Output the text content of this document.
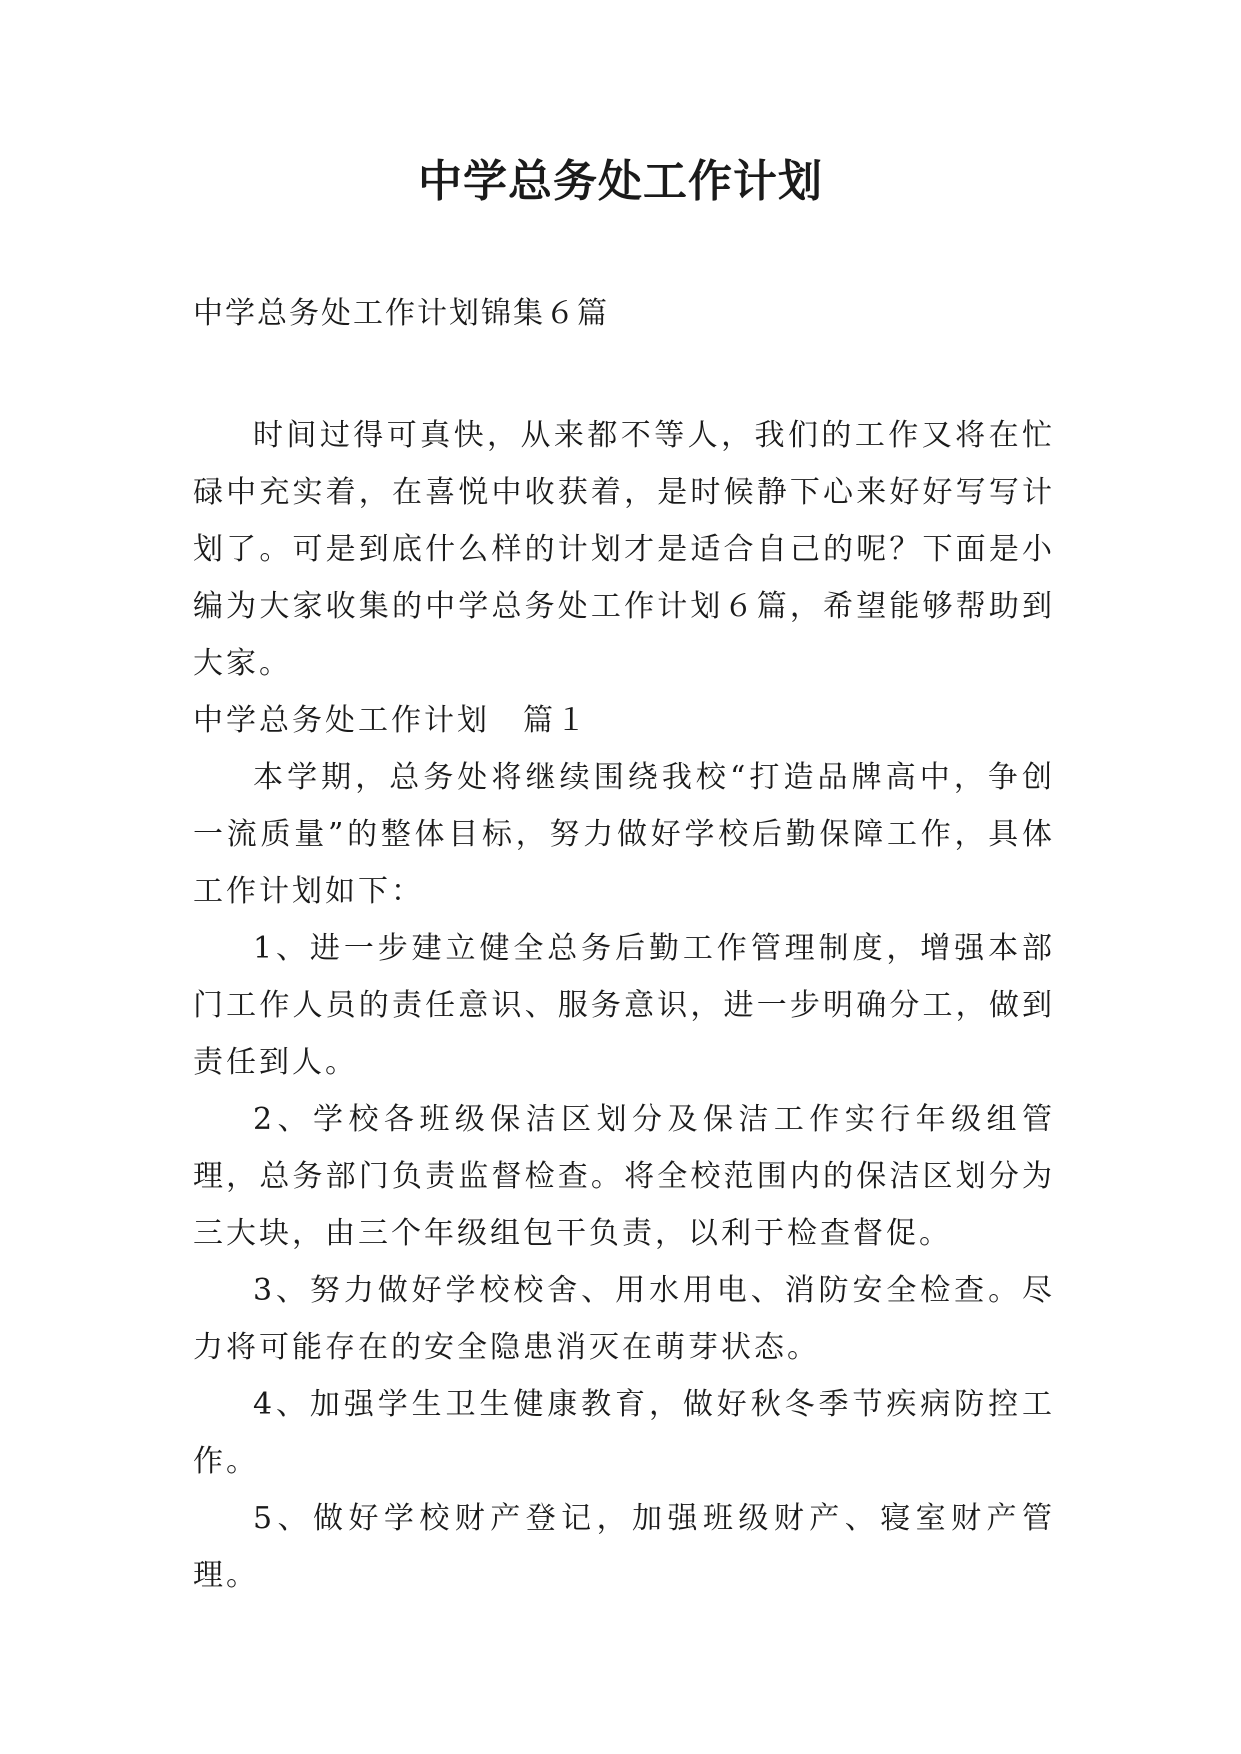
中学总务处工作计划
中学总务处工作计划锦集６篇

时间过得可真快，从来都不等人，我们的工作又将在忙碌中充实着，在喜悦中收获着，是时候静下心来好好写写计划了。可是到底什么样的计划才是适合自己的呢？下面是小编为大家收集的中学总务处工作计划６篇，希望能够帮助到大家。

中学总务处工作计划　篇１

本学期，总务处将继续围绕我校“打造品牌高中，争创一流质量”的整体目标，努力做好学校后勤保障工作，具体工作计划如下：

1、进一步建立健全总务后勤工作管理制度，增强本部门工作人员的责任意识、服务意识，进一步明确分工，做到责任到人。

2、学校各班级保洁区划分及保洁工作实行年级组管理，总务部门负责监督检查。将全校范围内的保洁区划分为三大块，由三个年级组包干负责，以利于检查督促。

3、努力做好学校校舍、用水用电、消防安全检查。尽力将可能存在的安全隐患消灭在萌芽状态。

4、加强学生卫生健康教育，做好秋冬季节疾病防控工作。

5、做好学校财产登记，加强班级财产、寝室财产管理。
